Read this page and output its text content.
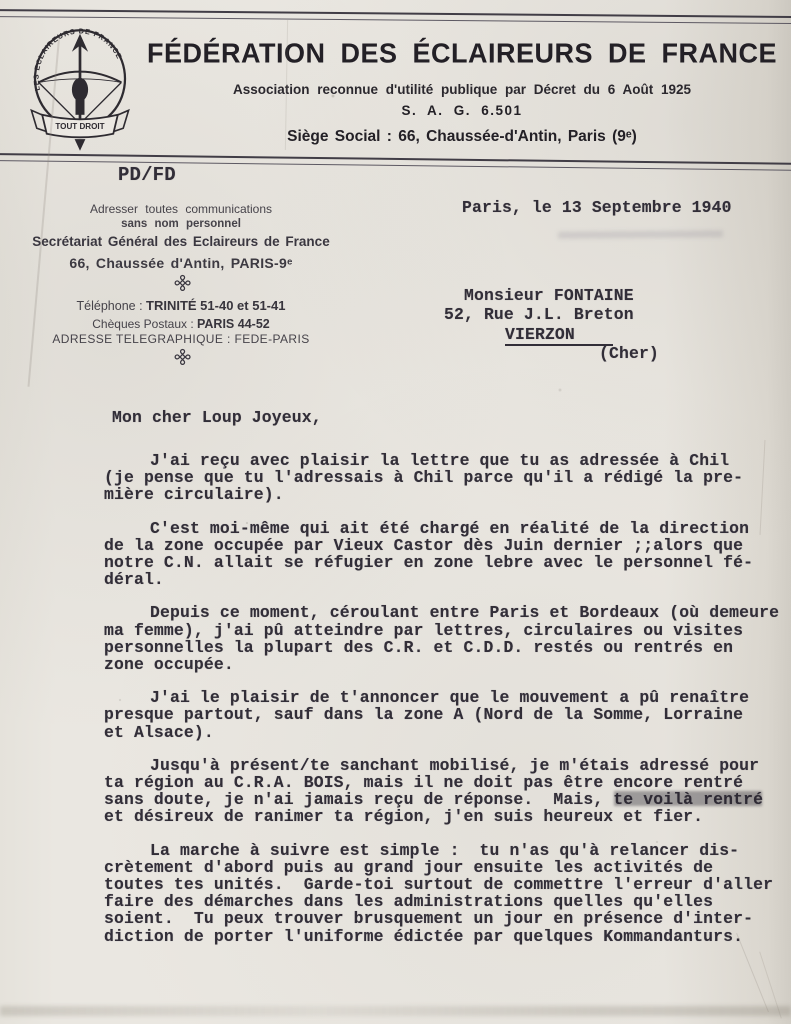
LES ECLAIREURS DE FRANCE
TOUT DROIT
FÉDÉRATION DES ÉCLAIREURS DE FRANCE
Association reconnue d'utilité publique par Décret du 6 Août 1925
S. A. G. 6.501
Siège Social : 66, Chaussée-d'Antin, Paris (9ᵉ)
PD/FD
Adresser toutes communications
sans nom personnel
Secrétariat Général des Eclaireurs de France
66, Chaussée d'Antin, PARIS-9ᵉ
⌘
Téléphone : TRINITÉ 51-40 et 51-41
Chèques Postaux : PARIS 44-52
ADRESSE TELEGRAPHIQUE : FEDE-PARIS
⌘
Paris, le 13 Septembre 1940
Monsieur FONTAINE
52, Rue J.L. Breton
VIERZON
(Cher)
Mon cher Loup Joyeux,
J'ai reçu avec plaisir la lettre que tu as adressée à Chil
(je pense que tu l'adressais à Chil parce qu'il a rédigé la pre-
mière circulaire).
C'est moi-même qui ait été chargé en réalité de la direction
de la zone occupée par Vieux Castor dès Juin dernier ;;alors que
notre C.N. allait se réfugier en zone lebre avec le personnel fé-
déral.
Depuis ce moment, céroulant entre Paris et Bordeaux (où demeure
ma femme), j'ai pû atteindre par lettres, circulaires ou visites
personnelles la plupart des C.R. et C.D.D. restés ou rentrés en
zone occupée.
J'ai le plaisir de t'annoncer que le mouvement a pû renaître
presque partout, sauf dans la zone A (Nord de la Somme, Lorraine
et Alsace).
Jusqu'à présent/te sanchant mobilisé, je m'étais adressé pour
ta région au C.R.A. BOIS, mais il ne doit pas être encore rentré
sans doute, je n'ai jamais reçu de réponse.  Mais, te voilà rentré
et désireux de ranimer ta région, j'en suis heureux et fier.
La marche à suivre est simple :  tu n'as qu'à relancer dis-
crètement d'abord puis au grand jour ensuite les activités de
toutes tes unités.  Garde-toi surtout de commettre l'erreur d'aller
faire des démarches dans les administrations quelles qu'elles
soient.  Tu peux trouver brusquement un jour en présence d'inter-
diction de porter l'uniforme édictée par quelques Kommandanturs.
